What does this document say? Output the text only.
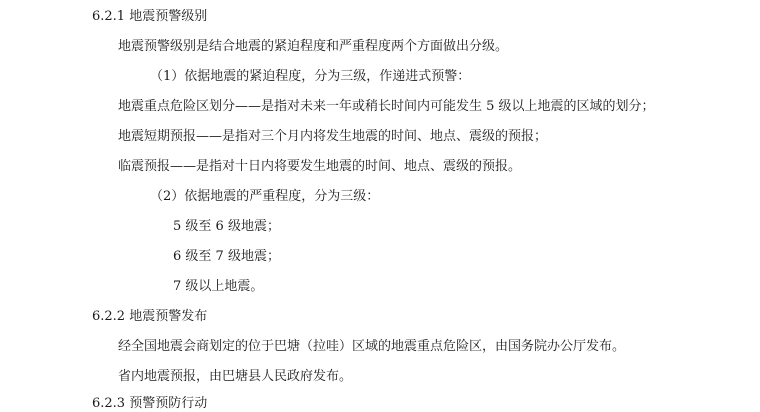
6.2.1 地震预警级别
地震预警级别是结合地震的紧迫程度和严重程度两个方面做出分级。
（1）依据地震的紧迫程度，分为三级，作递进式预警：
地震重点危险区划分——是指对未来一年或稍长时间内可能发生 5 级以上地震的区域的划分；
地震短期预报——是指对三个月内将发生地震的时间、地点、震级的预报；
临震预报——是指对十日内将要发生地震的时间、地点、震级的预报。
（2）依据地震的严重程度，分为三级：
5 级至 6 级地震；
6 级至 7 级地震；
7 级以上地震。
6.2.2 地震预警发布
经全国地震会商划定的位于巴塘（拉哇）区域的地震重点危险区，由国务院办公厅发布。
省内地震预报，由巴塘县人民政府发布。
6.2.3 预警预防行动
